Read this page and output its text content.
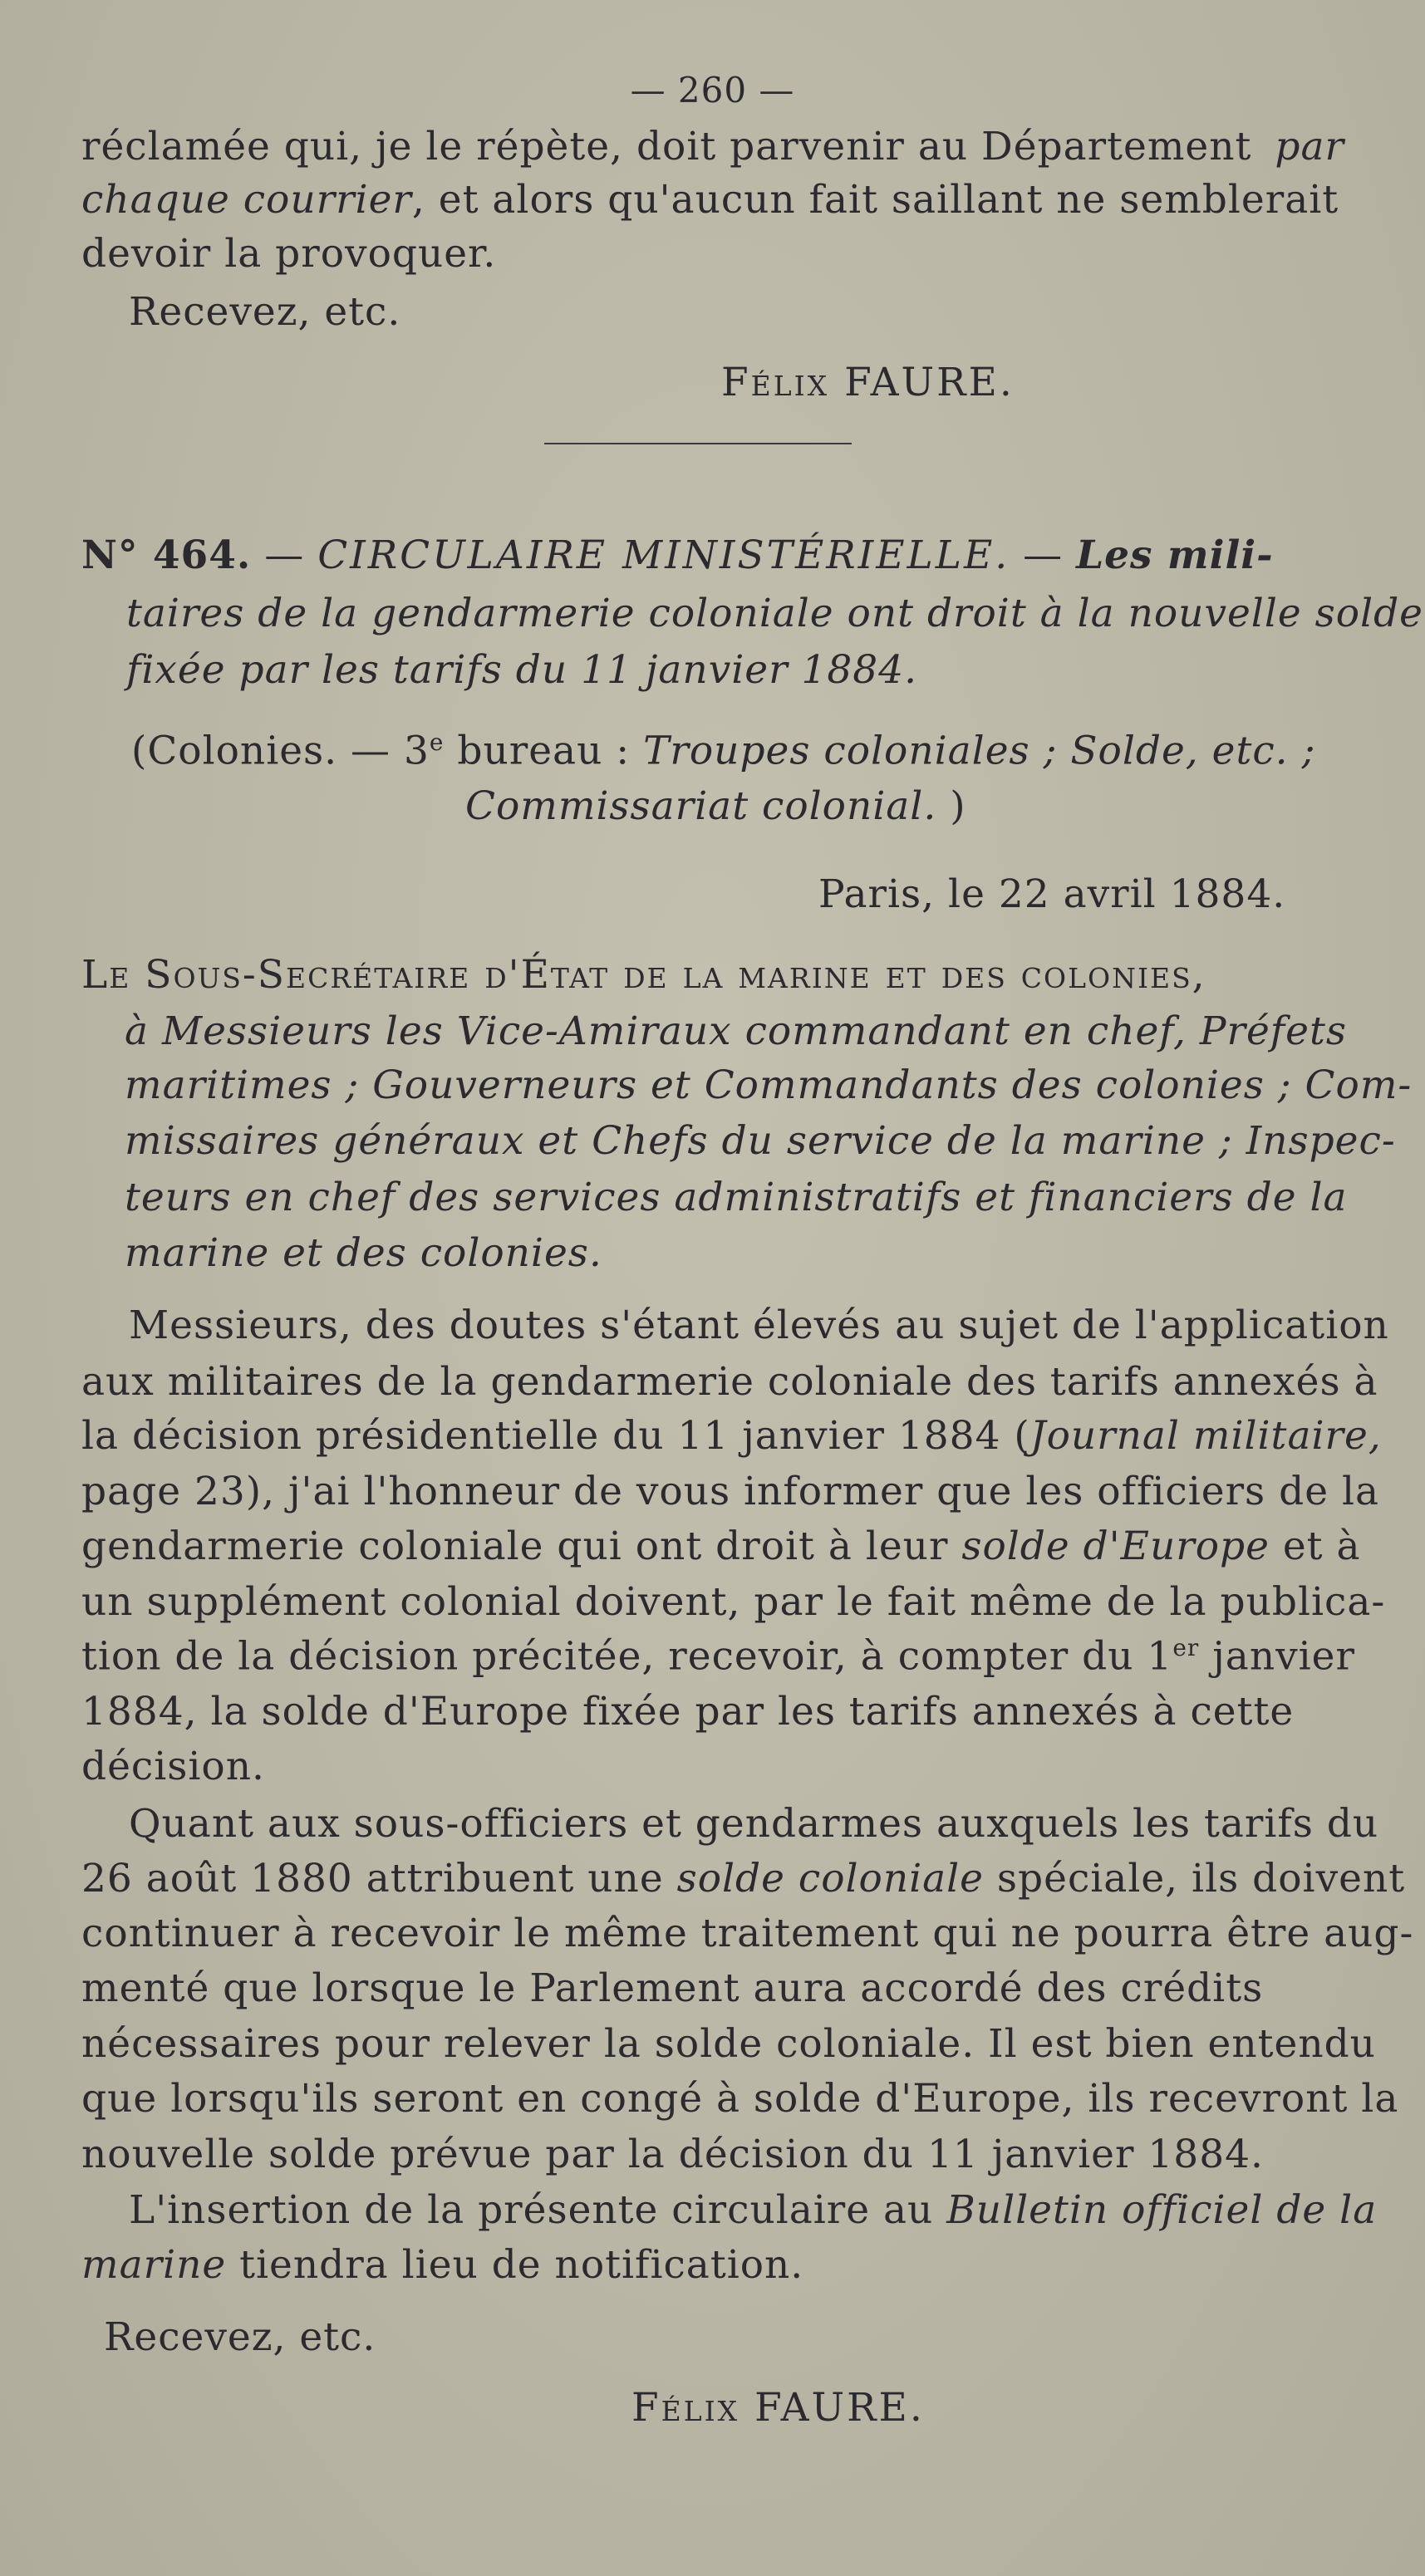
— 260 —
réclamée qui, je le répète, doit parvenir au Département par
chaque courrier, et alors qu'aucun fait saillant ne semblerait
devoir la provoquer.
Recevez, etc.
Félix FAURE.
N° 464. — CIRCULAIRE MINISTÉRIELLE. — Les mili-
taires de la gendarmerie coloniale ont droit à la nouvelle solde
fixée par les tarifs du 11 janvier 1884.
(Colonies. — 3e bureau : Troupes coloniales ; Solde, etc. ;
Commissariat colonial. )
Paris, le 22 avril 1884.
Le Sous-Secrétaire d'État de la marine et des colonies,
à Messieurs les Vice-Amiraux commandant en chef, Préfets
maritimes ; Gouverneurs et Commandants des colonies ; Com-
missaires généraux et Chefs du service de la marine ; Inspec-
teurs en chef des services administratifs et financiers de la
marine et des colonies.
Messieurs, des doutes s'étant élevés au sujet de l'application
aux militaires de la gendarmerie coloniale des tarifs annexés à
la décision présidentielle du 11 janvier 1884 (Journal militaire,
page 23), j'ai l'honneur de vous informer que les officiers de la
gendarmerie coloniale qui ont droit à leur solde d'Europe et à
un supplément colonial doivent, par le fait même de la publica-
tion de la décision précitée, recevoir, à compter du 1er janvier
1884, la solde d'Europe fixée par les tarifs annexés à cette
décision.
Quant aux sous-officiers et gendarmes auxquels les tarifs du
26 août 1880 attribuent une solde coloniale spéciale, ils doivent
continuer à recevoir le même traitement qui ne pourra être aug-
menté que lorsque le Parlement aura accordé des crédits
nécessaires pour relever la solde coloniale. Il est bien entendu
que lorsqu'ils seront en congé à solde d'Europe, ils recevront la
nouvelle solde prévue par la décision du 11 janvier 1884.
L'insertion de la présente circulaire au Bulletin officiel de la
marine tiendra lieu de notification.
Recevez, etc.
Félix FAURE.
